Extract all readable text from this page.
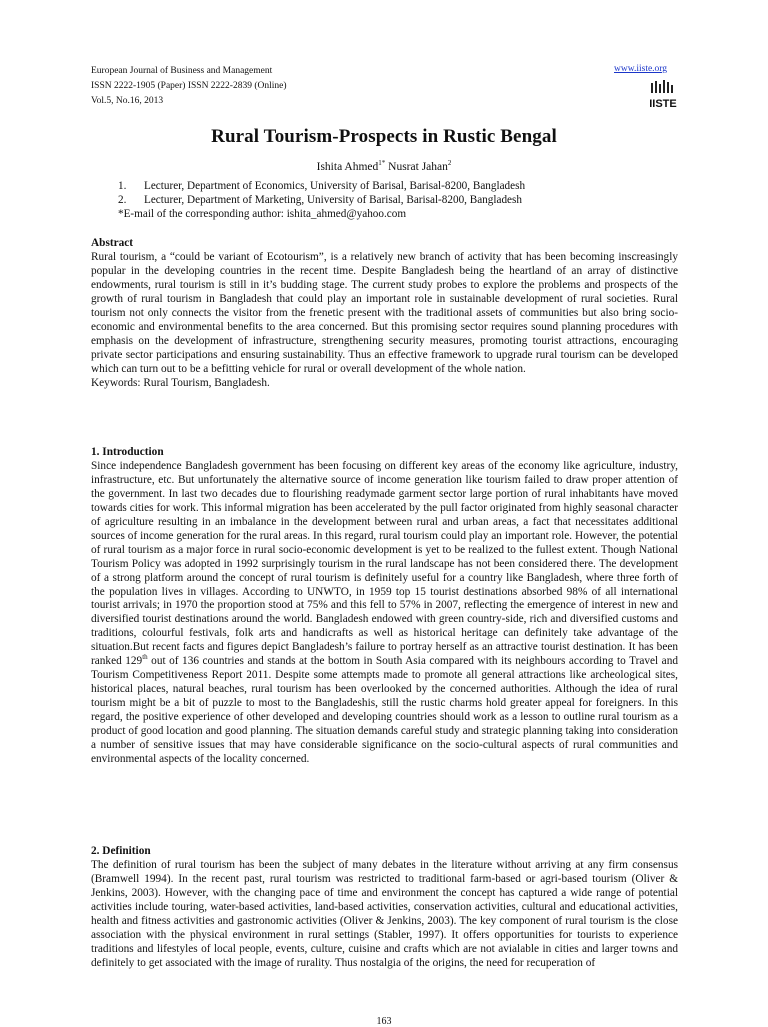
European Journal of Business and Management
ISSN 2222-1905 (Paper) ISSN 2222-2839 (Online)
Vol.5, No.16, 2013
www.iiste.org
IISTE
Rural Tourism-Prospects in Rustic Bengal
Ishita Ahmed$^{1*}$ Nusrat Jahan$^2$
1. Lecturer, Department of Economics, University of Barisal, Barisal-8200, Bangladesh
2. Lecturer, Department of Marketing, University of Barisal, Barisal-8200, Bangladesh
*E-mail of the corresponding author: ishita_ahmed@yahoo.com
Abstract
Rural tourism, a “could be variant of Ecotourism”, is a relatively new branch of activity that has been becoming inscreasingly popular in the developing countries in the recent time. Despite Bangladesh being the heartland of an array of distinctive endowments, rural tourism is still in it’s budding stage. The current study probes to explore the problems and prospects of the growth of rural tourism in Bangladesh that could play an important role in sustainable development of rural societies. Rural tourism not only connects the visitor from the frenetic present with the traditional assets of communities but also bring socio-economic and environmental benefits to the area concerned. But this promising sector requires sound planning procedures with emphasis on the development of infrastructure, strengthening security measures, promoting tourist attractions, encouraging private sector participations and ensuring sustainability. Thus an effective framework to upgrade rural tourism can be developed which can turn out to be a befitting vehicle for rural or overall development of the whole nation.
Keywords: Rural Tourism, Bangladesh.
1. Introduction
Since independence Bangladesh government has been focusing on different key areas of the economy like agriculture, industry, infrastructure, etc. But unfortunately the alternative source of income generation like tourism failed to draw proper attention of the government. In last two decades due to flourishing readymade garment sector large portion of rural inhabitants have moved towards cities for work. This informal migration has been accelerated by the pull factor originated from highly seasonal character of agriculture resulting in an imbalance in the development between rural and urban areas, a fact that necessitates additional sources of income generation for the rural areas. In this regard, rural tourism could play an important role. However, the potential of rural tourism as a major force in rural socio-economic development is yet to be realized to the fullest extent. Though National Tourism Policy was adopted in 1992 surprisingly tourism in the rural landscape has not been considered there. The development of a strong platform around the concept of rural tourism is definitely useful for a country like Bangladesh, where three forth of the population lives in villages. According to UNWTO, in 1959 top 15 tourist destinations absorbed 98% of all international tourist arrivals; in 1970 the proportion stood at 75% and this fell to 57% in 2007, reflecting the emergence of interest in new and diversified tourist destinations around the world. Bangladesh endowed with green country-side, rich and diversified customs and traditions, colourful festivals, folk arts and handicrafts as well as historical heritage can definitely take advantage of the situation.But recent facts and figures depict Bangladesh’s failure to portray herself as an attractive tourist destination. It has been ranked 129th out of 136 countries and stands at the bottom in South Asia compared with its neighbours according to Travel and Tourism Competitiveness Report 2011. Despite some attempts made to promote all general attractions like archeological sites, historical places, natural beaches, rural tourism has been overlooked by the concerned authorities. Although the idea of rural tourism might be a bit of puzzle to most to the Bangladeshis, still the rustic charms hold greater appeal for foreigners. In this regard, the positive experience of other developed and developing countries should work as a lesson to outline rural tourism as a product of good location and good planning. The situation demands careful study and strategic planning taking into consideration a number of sensitive issues that may have considerable significance on the socio-cultural aspects of rural communities and environmental aspects of the locality concerned.
2. Definition
The definition of rural tourism has been the subject of many debates in the literature without arriving at any firm consensus (Bramwell 1994). In the recent past, rural tourism was restricted to traditional farm-based or agri-based tourism (Oliver & Jenkins, 2003). However, with the changing pace of time and environment the concept has captured a wide range of potential activities include touring, water-based activities, land-based activities, conservation activities, cultural and educational activities, health and fitness activities and gastronomic activities (Oliver & Jenkins, 2003). The key component of rural tourism is the close association with the physical environment in rural settings (Stabler, 1997). It offers opportunities for tourists to experience traditions and lifestyles of local people, events, culture, cuisine and crafts which are not avialable in cities and larger towns and definitely to get associated with the image of rurality. Thus nostalgia of the origins, the need for recuperation of
163
